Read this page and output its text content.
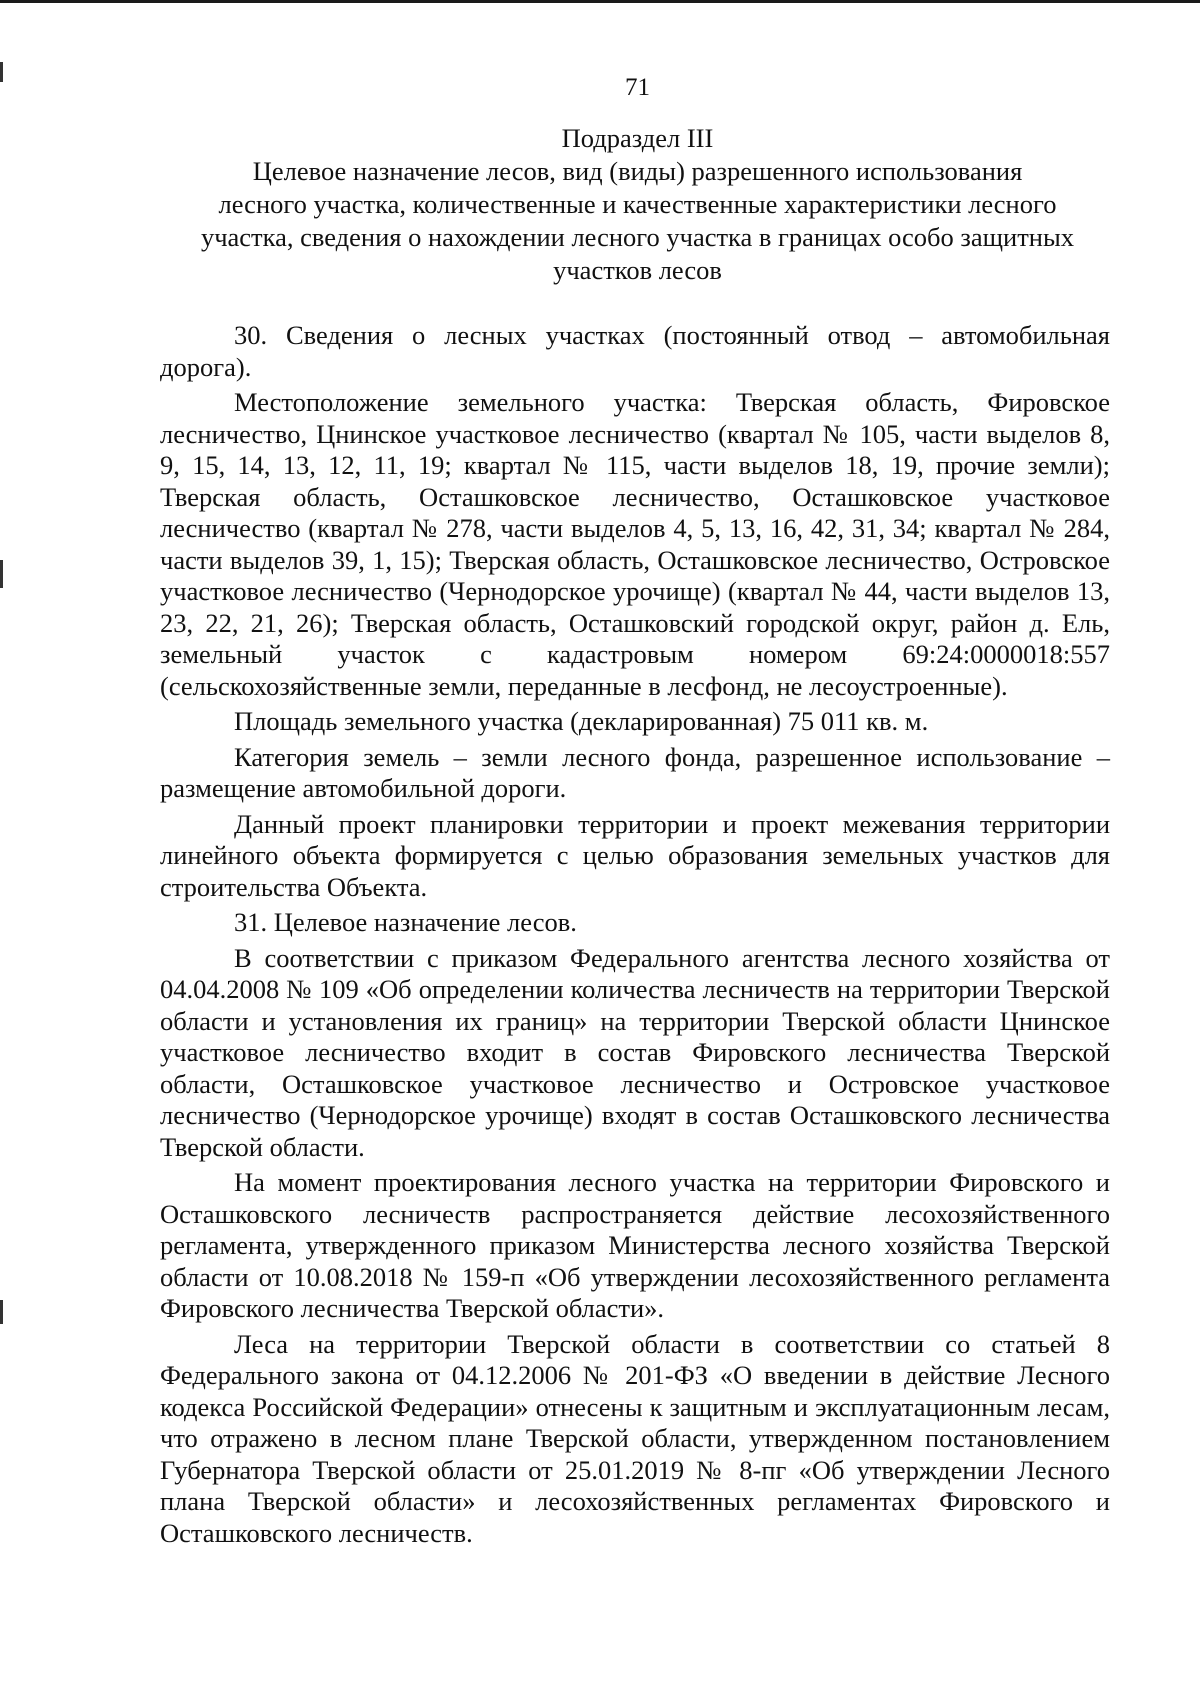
71
Подраздел III
Целевое назначение лесов, вид (виды) разрешенного использования
лесного участка, количественные и качественные характеристики лесного
участка, сведения о нахождении лесного участка в границах особо защитных
участков лесов

30. Сведения о лесных участках (постоянный отвод – автомобильная дорога).

Местоположение земельного участка: Тверская область, Фировское лесничество, Цнинское участковое лесничество (квартал № 105, части выделов 8, 9, 15, 14, 13, 12, 11, 19; квартал № 115, части выделов 18, 19, прочие земли); Тверская область, Осташковское лесничество, Осташковское участковое лесничество (квартал № 278, части выделов 4, 5, 13, 16, 42, 31, 34; квартал № 284, части выделов 39, 1, 15); Тверская область, Осташковское лесничество, Островское участковое лесничество (Чернодорское урочище) (квартал № 44, части выделов 13, 23, 22, 21, 26); Тверская область, Осташковский городской округ, район д. Ель, земельный участок с кадастровым номером 69:24:0000018:557 (сельскохозяйственные земли, переданные в лесфонд, не лесоустроенные).

Площадь земельного участка (декларированная) 75 011 кв. м.

Категория земель – земли лесного фонда, разрешенное использование – размещение автомобильной дороги.

Данный проект планировки территории и проект межевания территории линейного объекта формируется с целью образования земельных участков для строительства Объекта.

31. Целевое назначение лесов.

В соответствии с приказом Федерального агентства лесного хозяйства от 04.04.2008 № 109 «Об определении количества лесничеств на территории Тверской области и установления их границ» на территории Тверской области Цнинское участковое лесничество входит в состав Фировского лесничества Тверской области, Осташковское участковое лесничество и Островское участковое лесничество (Чернодорское урочище) входят в состав Осташковского лесничества Тверской области.

На момент проектирования лесного участка на территории Фировского и Осташковского лесничеств распространяется действие лесохозяйственного регламента, утвержденного приказом Министерства лесного хозяйства Тверской области от 10.08.2018 № 159-п «Об утверждении лесохозяйственного регламента Фировского лесничества Тверской области».

Леса на территории Тверской области в соответствии со статьей 8 Федерального закона от 04.12.2006 № 201-ФЗ «О введении в действие Лесного кодекса Российской Федерации» отнесены к защитным и эксплуатационным лесам, что отражено в лесном плане Тверской области, утвержденном постановлением Губернатора Тверской области от 25.01.2019 № 8-пг «Об утверждении Лесного плана Тверской области» и лесохозяйственных регламентах Фировского и Осташковского лесничеств.
